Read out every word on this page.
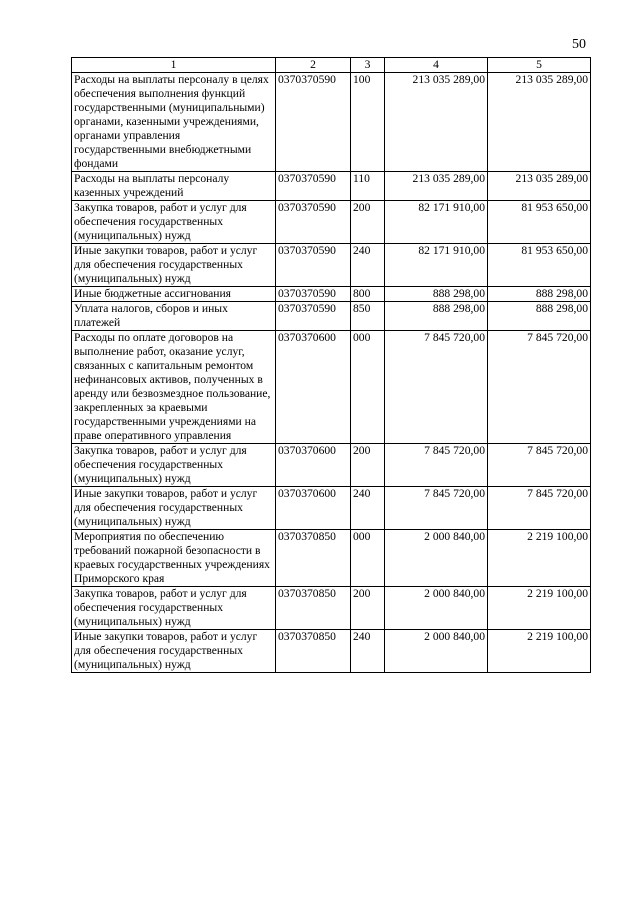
50
1	2	3	4	5
Расходы на выплаты персоналу в целях обеспечения выполнения функций государственными (муниципальными) органами, казенными учреждениями, органами управления государственными внебюджетными фондами	0370370590	100	213 035 289,00	213 035 289,00
Расходы на выплаты персоналу казенных учреждений	0370370590	110	213 035 289,00	213 035 289,00
Закупка товаров, работ и услуг для обеспечения государственных (муниципальных) нужд	0370370590	200	82 171 910,00	81 953 650,00
Иные закупки товаров, работ и услуг для обеспечения государственных (муниципальных) нужд	0370370590	240	82 171 910,00	81 953 650,00
Иные бюджетные ассигнования	0370370590	800	888 298,00	888 298,00
Уплата налогов, сборов и иных платежей	0370370590	850	888 298,00	888 298,00
Расходы по оплате договоров на выполнение работ, оказание услуг, связанных с капитальным ремонтом нефинансовых активов, полученных в аренду или безвозмездное пользование, закрепленных за краевыми государственными учреждениями на праве оперативного управления	0370370600	000	7 845 720,00	7 845 720,00
Закупка товаров, работ и услуг для обеспечения государственных (муниципальных) нужд	0370370600	200	7 845 720,00	7 845 720,00
Иные закупки товаров, работ и услуг для обеспечения государственных (муниципальных) нужд	0370370600	240	7 845 720,00	7 845 720,00
Мероприятия по обеспечению требований пожарной безопасности в краевых государственных учреждениях Приморского края	0370370850	000	2 000 840,00	2 219 100,00
Закупка товаров, работ и услуг для обеспечения государственных (муниципальных) нужд	0370370850	200	2 000 840,00	2 219 100,00
Иные закупки товаров, работ и услуг для обеспечения государственных (муниципальных) нужд	0370370850	240	2 000 840,00	2 219 100,00
